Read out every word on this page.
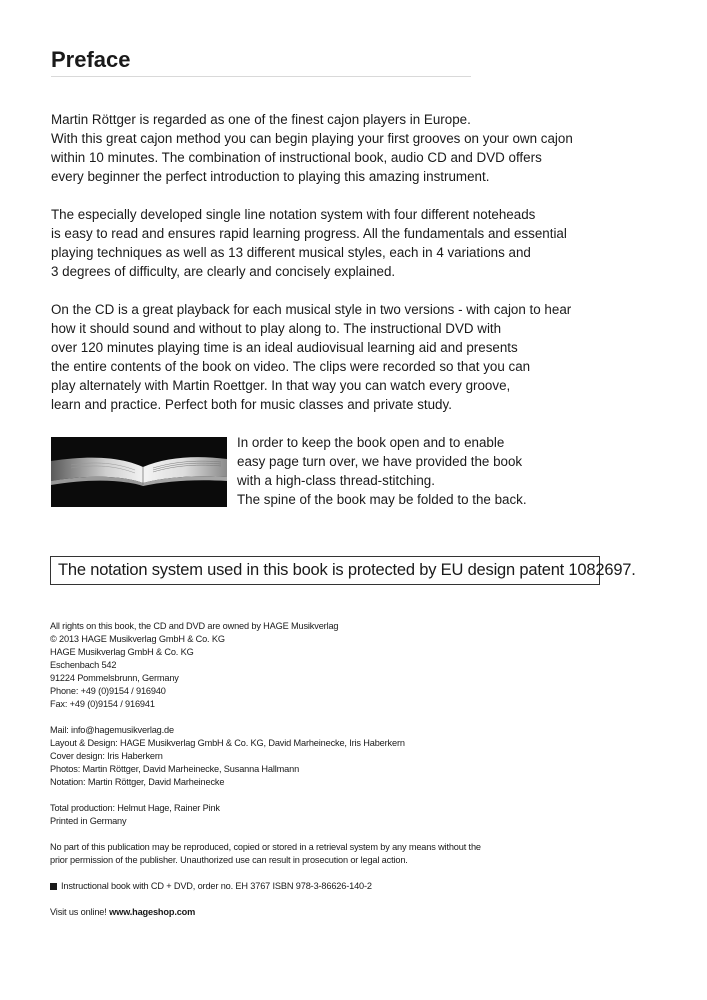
Preface

Martin Röttger is regarded as one of the finest cajon players in Europe.
With this great cajon method you can begin playing your first grooves on your own cajon
within 10 minutes. The combination of instructional book, audio CD and DVD offers
every beginner the perfect introduction to playing this amazing instrument.

The especially developed single line notation system with four different noteheads
is easy to read and ensures rapid learning progress. All the fundamentals and essential
playing techniques as well as 13 different musical styles, each in 4 variations and
3 degrees of difficulty, are clearly and concisely explained.

On the CD is a great playback for each musical style in two versions - with cajon to hear
how it should sound and without to play along to. The instructional DVD with
over 120 minutes playing time is an ideal audiovisual learning aid and presents
the entire contents of the book on video. The clips were recorded so that you can
play alternately with Martin Roettger. In that way you can watch every groove,
learn and practice. Perfect both for music classes and private study.

In order to keep the book open and to enable
easy page turn over, we have provided the book
with a high-class thread-stitching.
The spine of the book may be folded to the back.

The notation system used in this book is protected by EU design patent 1082697.
All rights on this book, the CD and DVD are owned by HAGE Musikverlag
© 2013 HAGE Musikverlag GmbH & Co. KG
HAGE Musikverlag GmbH & Co. KG
Eschenbach 542
91224 Pommelsbrunn, Germany
Phone: +49 (0)9154 / 916940
Fax: +49 (0)9154 / 916941
Mail: info@hagemusikverlag.de
Layout & Design: HAGE Musikverlag GmbH & Co. KG, David Marheinecke, Iris Haberkern
Cover design: Iris Haberkern
Photos: Martin Röttger, David Marheinecke, Susanna Hallmann
Notation: Martin Röttger, David Marheinecke
Total production: Helmut Hage, Rainer Pink
Printed in Germany
No part of this publication may be reproduced, copied or stored in a retrieval system by any means without the
prior permission of the publisher. Unauthorized use can result in prosecution or legal action.
Instructional book with CD + DVD, order no. EH 3767 ISBN 978-3-86626-140-2
Visit us online! www.hageshop.com
